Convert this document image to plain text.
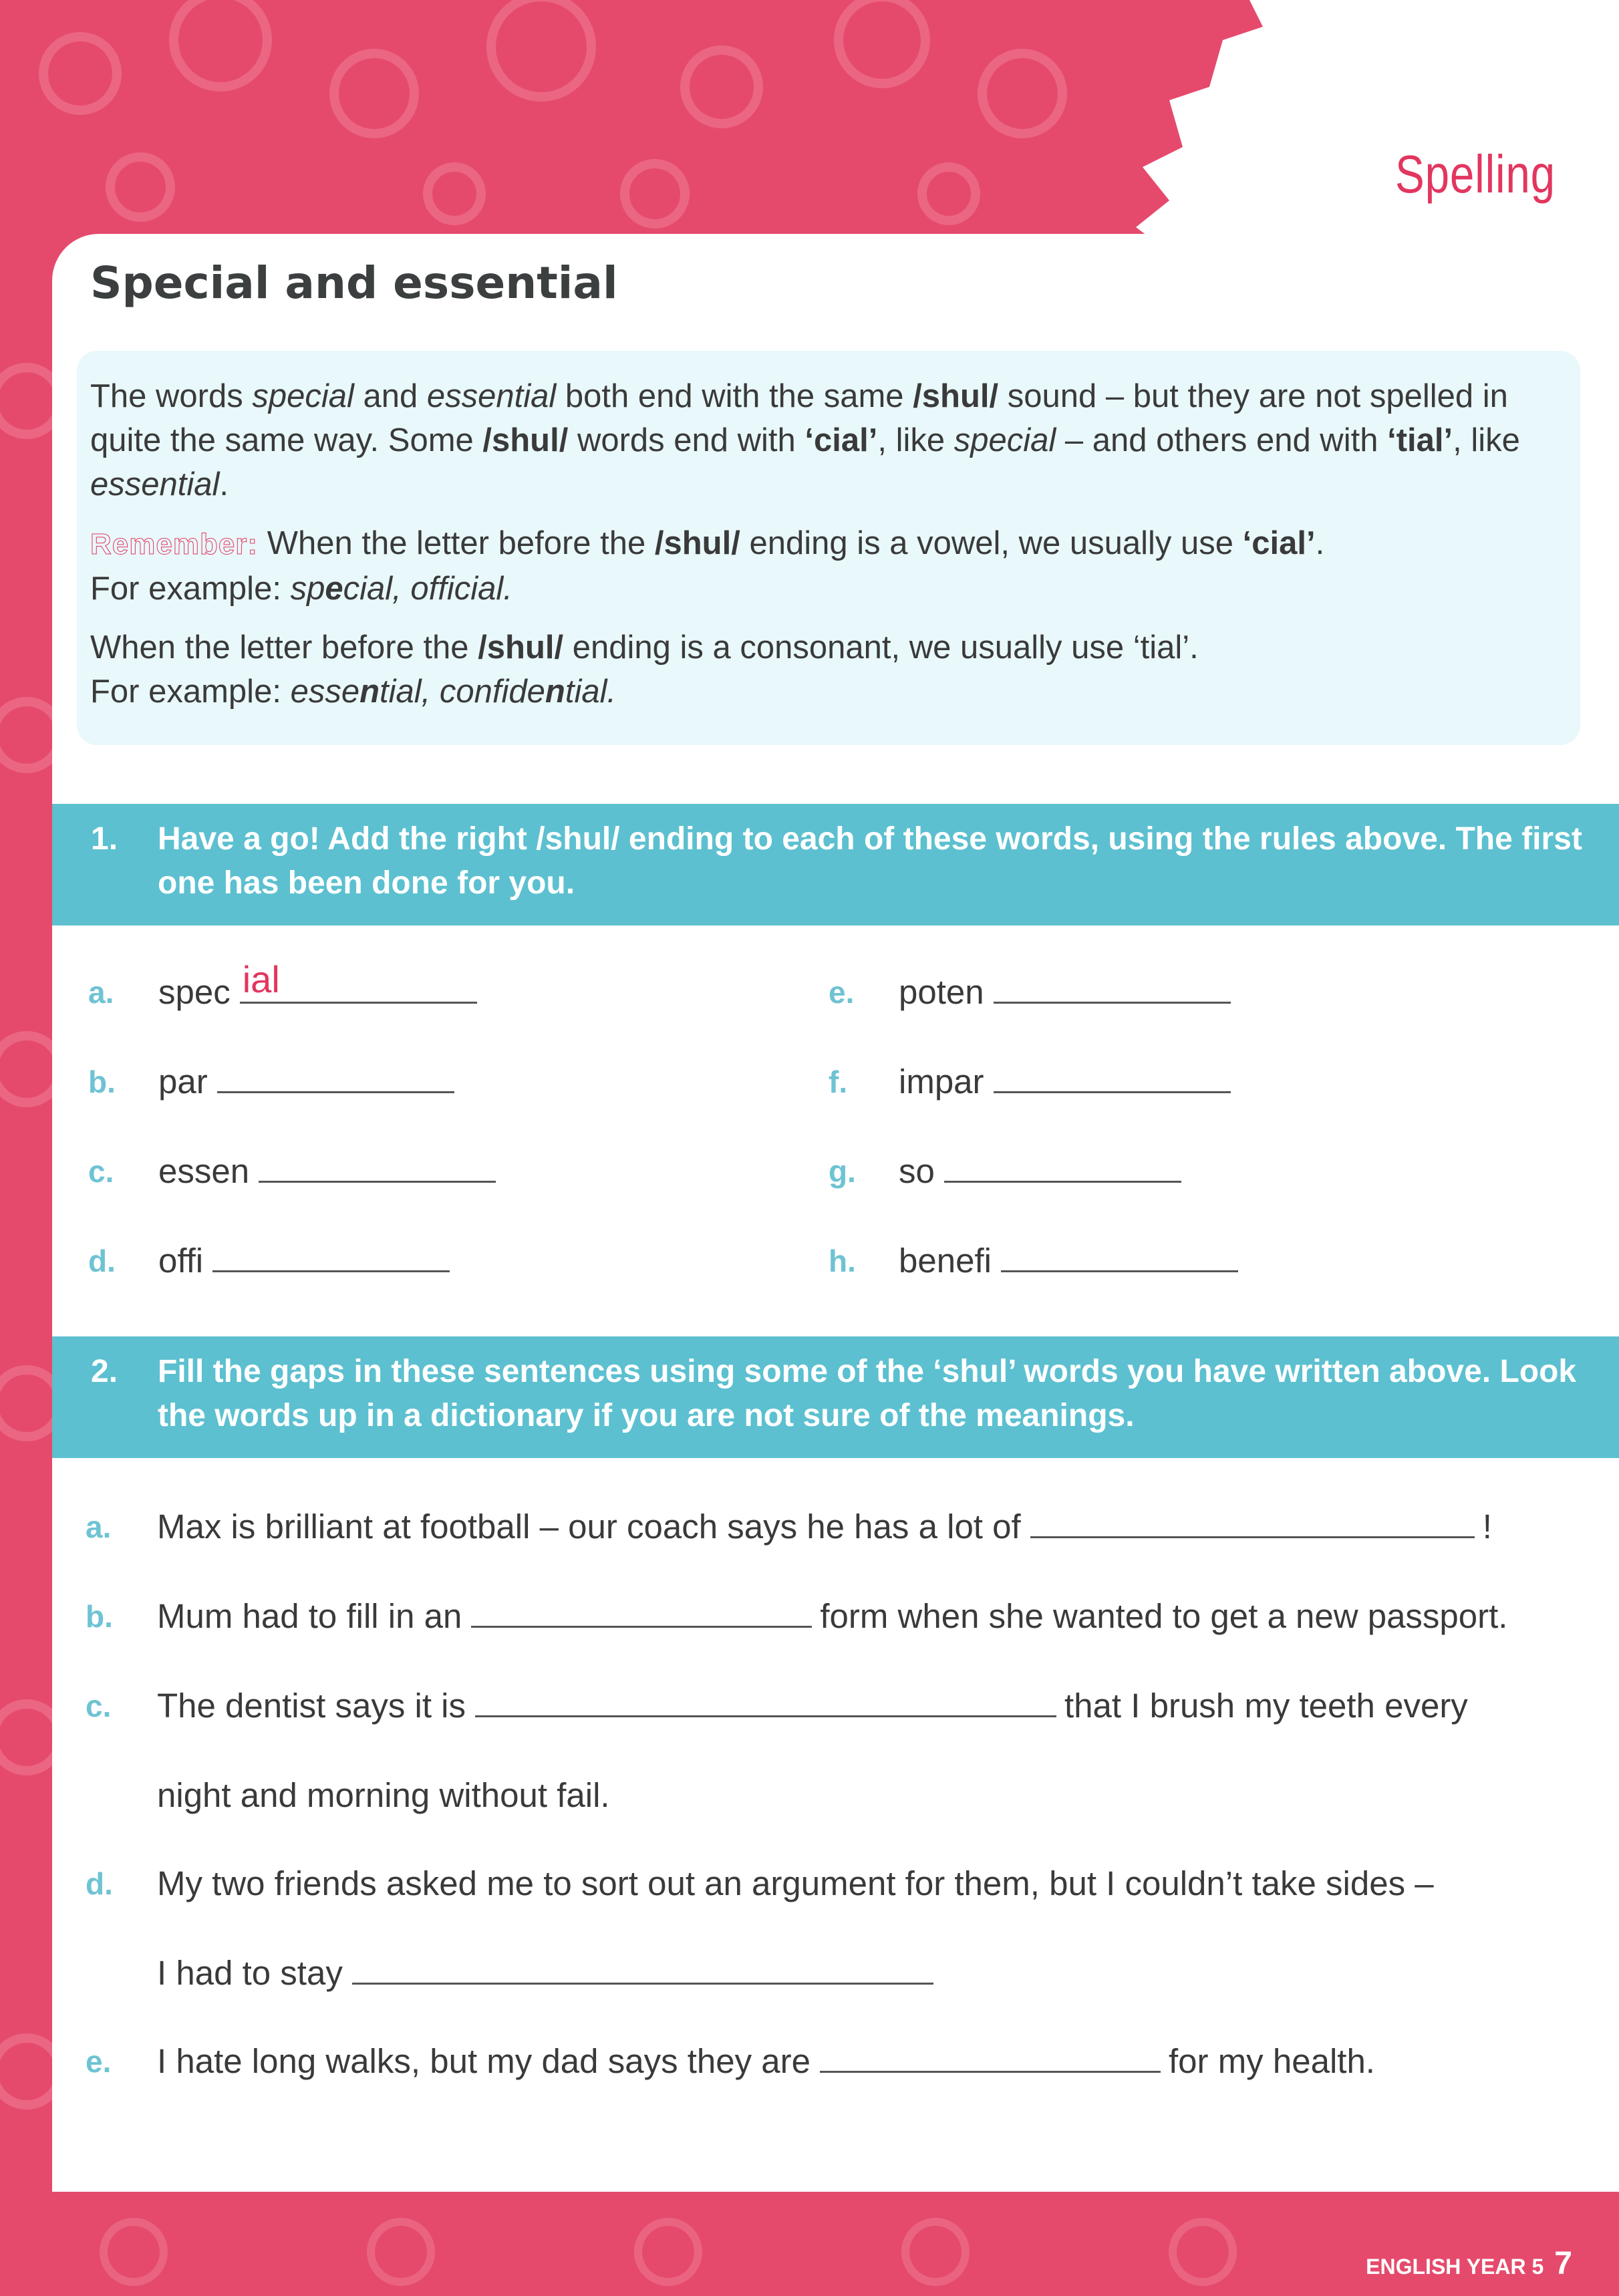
Spelling
Special and essential

The words special and essential both end with the same /shul/ sound – but they are not spelled in quite the same way. Some /shul/ words end with ‘cial’, like special – and others end with ‘tial’, like essential.

Remember: When the letter before the /shul/ ending is a vowel, we usually use ‘cial’.
For example: special, official.

When the letter before the /shul/ ending is a consonant, we usually use ‘tial’.
For example: essential, confidential.

1. Have a go! Add the right /shul/ ending to each of these words, using the rules above. The first one has been done for you.
a. spec ial
b. par
c. essen
d. offi
e. poten
f. impar
g. so
h. benefi
2. Fill the gaps in these sentences using some of the ‘shul’ words you have written above. Look the words up in a dictionary if you are not sure of the meanings.
a. Max is brilliant at football – our coach says he has a lot of	!
b. Mum had to fill in an	form when she wanted to get a new passport.
c. The dentist says it is	that I brush my teeth every
night and morning without fail.
d. My two friends asked me to sort out an argument for them, but I couldn’t take sides –
I had to stay
e. I hate long walks, but my dad says they are	for my health.
ENGLISH YEAR 5 7
